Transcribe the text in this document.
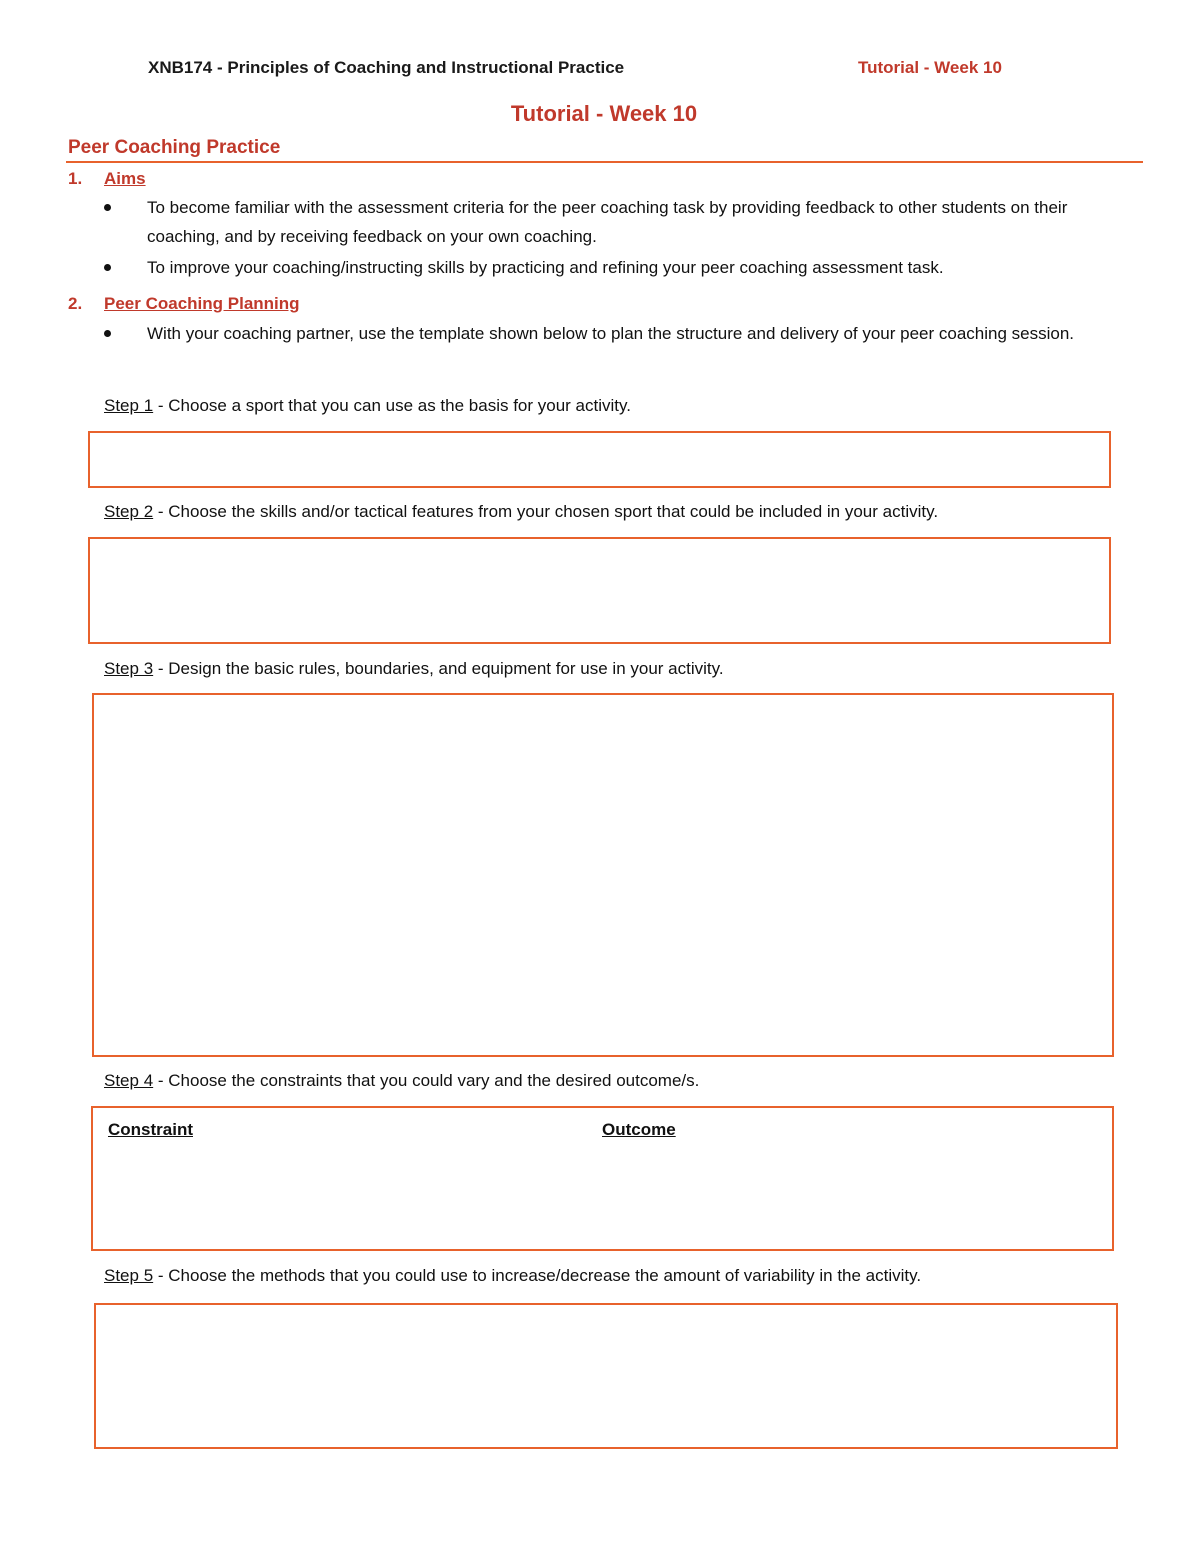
XNB174 - Principles of Coaching and Instructional Practice	Tutorial - Week 10
Tutorial - Week 10
Peer Coaching Practice
1. Aims
To become familiar with the assessment criteria for the peer coaching task by providing feedback to other students on their coaching, and by receiving feedback on your own coaching.
To improve your coaching/instructing skills by practicing and refining your peer coaching assessment task.
2. Peer Coaching Planning
With your coaching partner, use the template shown below to plan the structure and delivery of your peer coaching session.
Step 1 - Choose a sport that you can use as the basis for your activity.
Step 2 - Choose the skills and/or tactical features from your chosen sport that could be included in your activity.
Step 3 - Design the basic rules, boundaries, and equipment for use in your activity.
Step 4 - Choose the constraints that you could vary and the desired outcome/s.
Constraint	Outcome
Step 5 - Choose the methods that you could use to increase/decrease the amount of variability in the activity.
